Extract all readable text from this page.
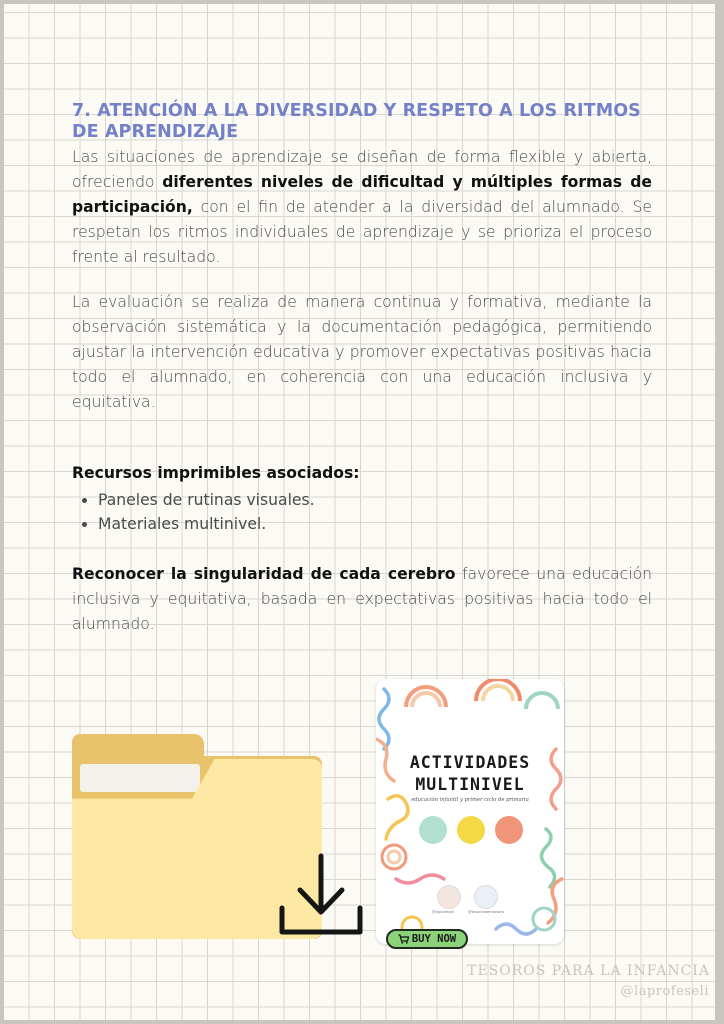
7. ATENCIÓN A LA DIVERSIDAD Y RESPETO A LOS RITMOS DE APRENDIZAJE

Las situaciones de aprendizaje se diseñan de forma flexible y abierta, ofreciendo diferentes niveles de dificultad y múltiples formas de participación, con el fin de atender a la diversidad del alumnado. Se respetan los ritmos individuales de aprendizaje y se prioriza el proceso frente al resultado.

La evaluación se realiza de manera continua y formativa, mediante la observación sistemática y la documentación pedagógica, permitiendo ajustar la intervención educativa y promover expectativas positivas hacia todo el alumnado, en coherencia con una educación inclusiva y equitativa.

Recursos imprimibles asociados:

• Paneles de rutinas visuales.
• Materiales multinivel.

Reconocer la singularidad de cada cerebro favorece una educación inclusiva y equitativa, basada en expectativas positivas hacia todo el alumnado.

ACTIVIDADES
MULTINIVEL
educación infantil y primer ciclo de primaria
@laprofeseli	@tesorosdemaestra
BUY NOW
TESOROS PARA LA INFANCIA
@laprofeseli
